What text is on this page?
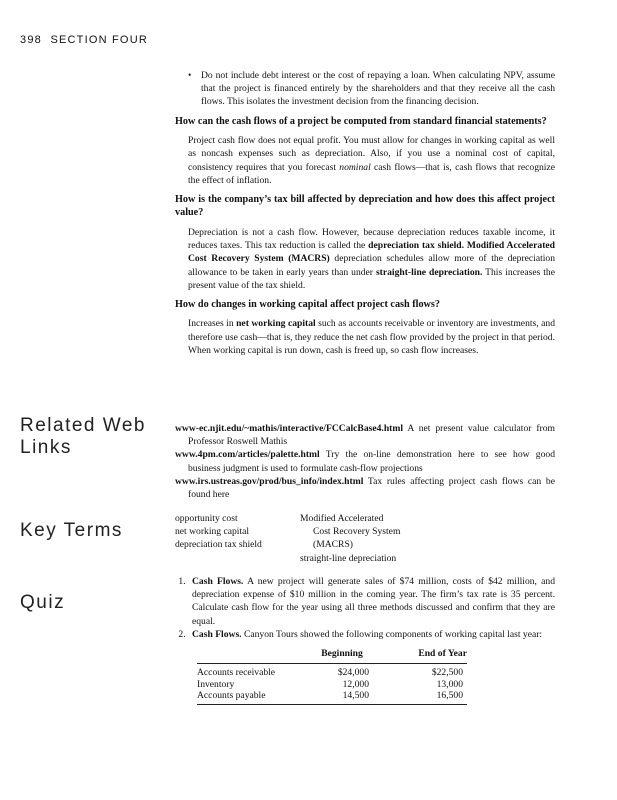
398 SECTION FOUR
• Do not include debt interest or the cost of repaying a loan. When calculating NPV, assume that the project is financed entirely by the shareholders and that they receive all the cash flows. This isolates the investment decision from the financing decision.

How can the cash flows of a project be computed from standard financial statements?

Project cash flow does not equal profit. You must allow for changes in working capital as well as noncash expenses such as depreciation. Also, if you use a nominal cost of capital, consistency requires that you forecast nominal cash flows—that is, cash flows that recognize the effect of inflation.

How is the company’s tax bill affected by depreciation and how does this affect project value?

Depreciation is not a cash flow. However, because depreciation reduces taxable income, it reduces taxes. This tax reduction is called the depreciation tax shield. Modified Accelerated Cost Recovery System (MACRS) depreciation schedules allow more of the depreciation allowance to be taken in early years than under straight-line depreciation. This increases the present value of the tax shield.

How do changes in working capital affect project cash flows?

Increases in net working capital such as accounts receivable or inventory are investments, and therefore use cash—that is, they reduce the net cash flow provided by the project in that period. When working capital is run down, cash is freed up, so cash flow increases.

Related Web Links
www-ec.njit.edu/~mathis/interactive/FCCalcBase4.html A net present value calculator from Professor Roswell Mathis
www.4pm.com/articles/palette.html Try the on-line demonstration here to see how good business judgment is used to formulate cash-flow projections
www.irs.ustreas.gov/prod/bus_info/index.html Tax rules affecting project cash flows can be found here
Key Terms
opportunity cost
net working capital
depreciation tax shield
Modified Accelerated
Cost Recovery System
(MACRS)
straight-line depreciation
Quiz
1. Cash Flows. A new project will generate sales of $74 million, costs of $42 million, and depreciation expense of $10 million in the coming year. The firm’s tax rate is 35 percent. Calculate cash flow for the year using all three methods discussed and confirm that they are equal.
2. Cash Flows. Canyon Tours showed the following components of working capital last year:
	Beginning	End of Year
Accounts receivable	$24,000	$22,500
Inventory	12,000	13,000
Accounts payable	14,500	16,500
